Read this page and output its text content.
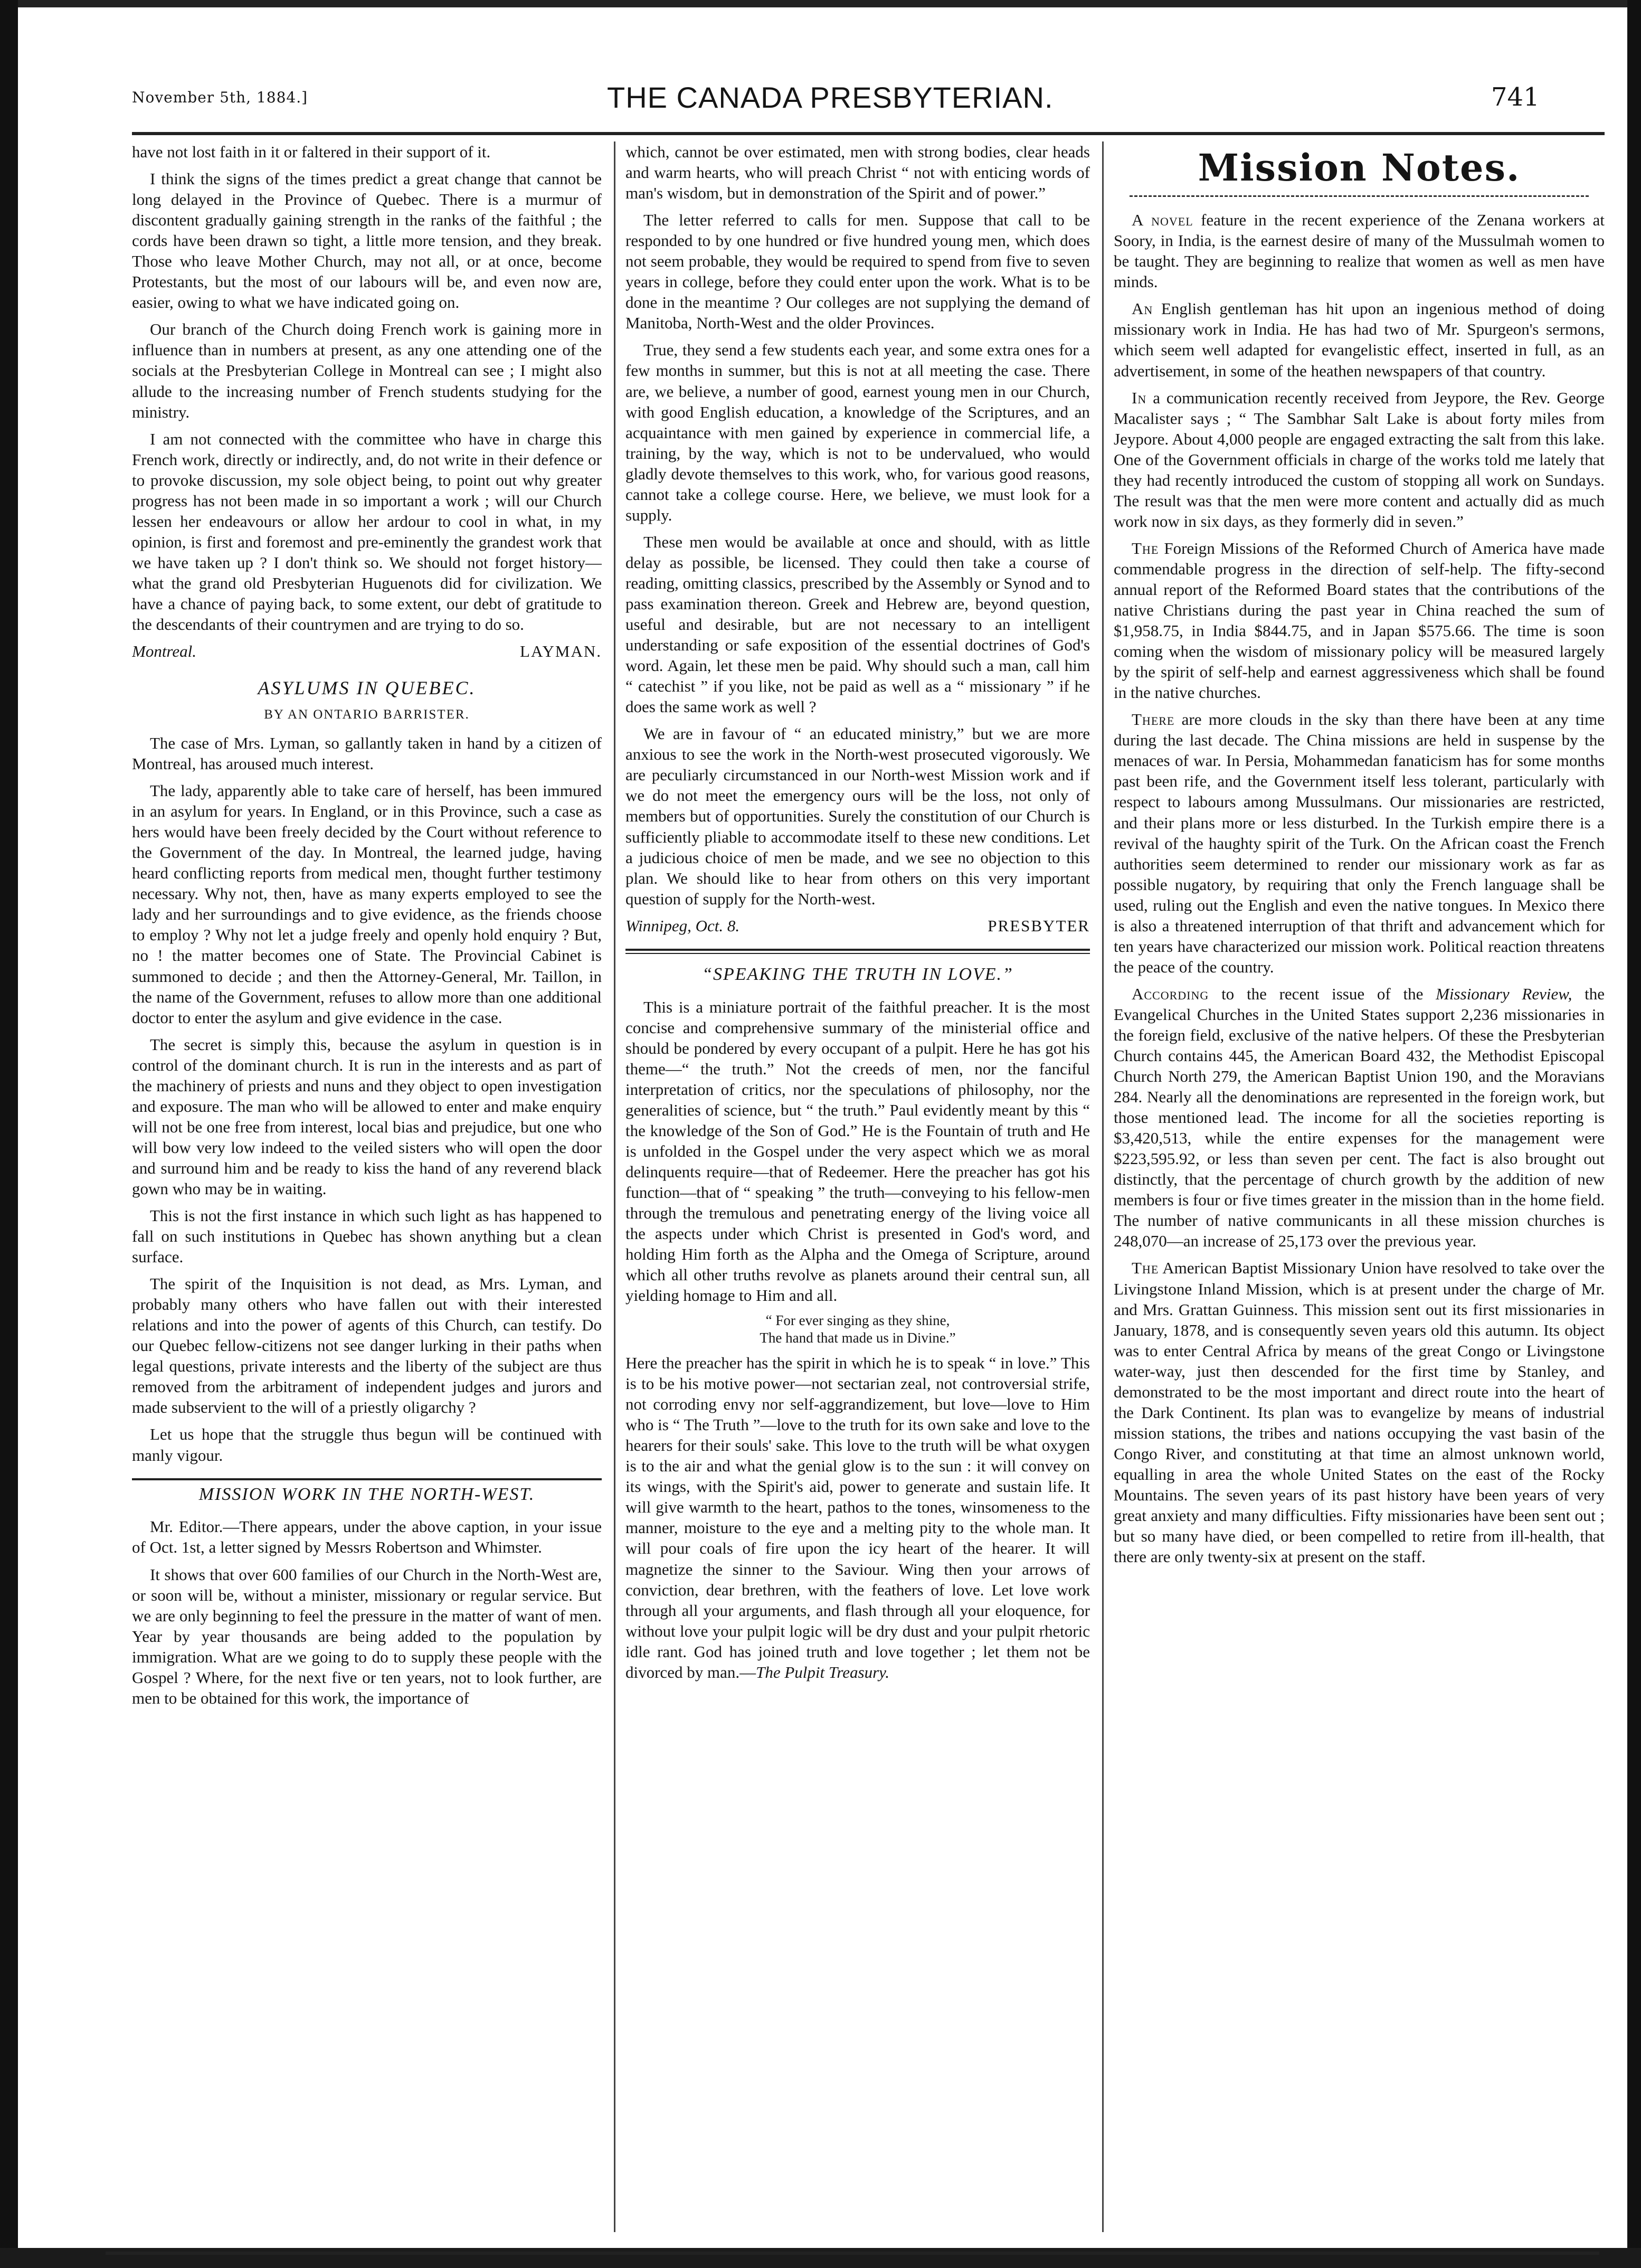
November 5th, 1884.]	THE CANADA PRESBYTERIAN.	741

have not lost faith in it or faltered in their support of it.

I think the signs of the times predict a great change that cannot be long delayed in the Province of Quebec. There is a murmur of discontent gradually gaining strength in the ranks of the faithful ; the cords have been drawn so tight, a little more tension, and they break. Those who leave Mother Church, may not all, or at once, become Protestants, but the most of our labours will be, and even now are, easier, owing to what we have indicated going on.

Our branch of the Church doing French work is gaining more in influence than in numbers at present, as any one attending one of the socials at the Presbyterian College in Montreal can see ; I might also allude to the increasing number of French students studying for the ministry.

I am not connected with the committee who have in charge this French work, directly or indirectly, and, do not write in their defence or to provoke discussion, my sole object being, to point out why greater progress has not been made in so important a work ; will our Church lessen her endeavours or allow her ardour to cool in what, in my opinion, is first and foremost and pre-eminently the grandest work that we have taken up ? I don't think so. We should not forget history—what the grand old Presbyterian Huguenots did for civilization. We have a chance of paying back, to some extent, our debt of gratitude to the descendants of their countrymen and are trying to do so.

Montreal.	LAYMAN.
ASYLUMS IN QUEBEC.
BY AN ONTARIO BARRISTER.

The case of Mrs. Lyman, so gallantly taken in hand by a citizen of Montreal, has aroused much interest.

The lady, apparently able to take care of herself, has been immured in an asylum for years. In England, or in this Province, such a case as hers would have been freely decided by the Court without reference to the Government of the day. In Montreal, the learned judge, having heard conflicting reports from medical men, thought further testimony necessary. Why not, then, have as many experts employed to see the lady and her surroundings and to give evidence, as the friends choose to employ ? Why not let a judge freely and openly hold enquiry ? But, no ! the matter becomes one of State. The Provincial Cabinet is summoned to decide ; and then the Attorney-General, Mr. Taillon, in the name of the Government, refuses to allow more than one additional doctor to enter the asylum and give evidence in the case.

The secret is simply this, because the asylum in question is in control of the dominant church. It is run in the interests and as part of the machinery of priests and nuns and they object to open investigation and exposure. The man who will be allowed to enter and make enquiry will not be one free from interest, local bias and prejudice, but one who will bow very low indeed to the veiled sisters who will open the door and surround him and be ready to kiss the hand of any reverend black gown who may be in waiting.

This is not the first instance in which such light as has happened to fall on such institutions in Quebec has shown anything but a clean surface.

The spirit of the Inquisition is not dead, as Mrs. Lyman, and probably many others who have fallen out with their interested relations and into the power of agents of this Church, can testify. Do our Quebec fellow-citizens not see danger lurking in their paths when legal questions, private interests and the liberty of the subject are thus removed from the arbitrament of independent judges and jurors and made subservient to the will of a priestly oligarchy ?

Let us hope that the struggle thus begun will be continued with manly vigour.

MISSION WORK IN THE NORTH-WEST.

Mr. Editor.—There appears, under the above caption, in your issue of Oct. 1st, a letter signed by Messrs Robertson and Whimster.

It shows that over 600 families of our Church in the North-West are, or soon will be, without a minister, missionary or regular service. But we are only beginning to feel the pressure in the matter of want of men. Year by year thousands are being added to the population by immigration. What are we going to do to supply these people with the Gospel ? Where, for the next five or ten years, not to look further, are men to be obtained for this work, the importance of

which, cannot be over estimated, men with strong bodies, clear heads and warm hearts, who will preach Christ “ not with enticing words of man's wisdom, but in demonstration of the Spirit and of power.”

The letter referred to calls for men. Suppose that call to be responded to by one hundred or five hundred young men, which does not seem probable, they would be required to spend from five to seven years in college, before they could enter upon the work. What is to be done in the meantime ? Our colleges are not supplying the demand of Manitoba, North-West and the older Provinces.

True, they send a few students each year, and some extra ones for a few months in summer, but this is not at all meeting the case. There are, we believe, a number of good, earnest young men in our Church, with good English education, a knowledge of the Scriptures, and an acquaintance with men gained by experience in commercial life, a training, by the way, which is not to be undervalued, who would gladly devote themselves to this work, who, for various good reasons, cannot take a college course. Here, we believe, we must look for a supply.

These men would be available at once and should, with as little delay as possible, be licensed. They could then take a course of reading, omitting classics, prescribed by the Assembly or Synod and to pass examination thereon. Greek and Hebrew are, beyond question, useful and desirable, but are not necessary to an intelligent understanding or safe exposition of the essential doctrines of God's word. Again, let these men be paid. Why should such a man, call him “ catechist ” if you like, not be paid as well as a “ missionary ” if he does the same work as well ?

We are in favour of “ an educated ministry,” but we are more anxious to see the work in the North-west prosecuted vigorously. We are peculiarly circumstanced in our North-west Mission work and if we do not meet the emergency ours will be the loss, not only of members but of opportunities. Surely the constitution of our Church is sufficiently pliable to accommodate itself to these new conditions. Let a judicious choice of men be made, and we see no objection to this plan. We should like to hear from others on this very important question of supply for the North-west.

Winnipeg, Oct. 8.	PRESBYTER
“SPEAKING THE TRUTH IN LOVE.”

This is a miniature portrait of the faithful preacher. It is the most concise and comprehensive summary of the ministerial office and should be pondered by every occupant of a pulpit. Here he has got his theme—“ the truth.” Not the creeds of men, nor the fanciful interpretation of critics, nor the speculations of philosophy, nor the generalities of science, but “ the truth.” Paul evidently meant by this “ the knowledge of the Son of God.” He is the Fountain of truth and He is unfolded in the Gospel under the very aspect which we as moral delinquents require—that of Redeemer. Here the preacher has got his function—that of “ speaking ” the truth—conveying to his fellow-men through the tremulous and penetrating energy of the living voice all the aspects under which Christ is presented in God's word, and holding Him forth as the Alpha and the Omega of Scripture, around which all other truths revolve as planets around their central sun, all yielding homage to Him and all.

“ For ever singing as they shine,
The hand that made us in Divine.”

Here the preacher has the spirit in which he is to speak “ in love.” This is to be his motive power—not sectarian zeal, not controversial strife, not corroding envy nor self-aggrandizement, but love—love to Him who is “ The Truth ”—love to the truth for its own sake and love to the hearers for their souls' sake. This love to the truth will be what oxygen is to the air and what the genial glow is to the sun : it will convey on its wings, with the Spirit's aid, power to generate and sustain life. It will give warmth to the heart, pathos to the tones, winsomeness to the manner, moisture to the eye and a melting pity to the whole man. It will pour coals of fire upon the icy heart of the hearer. It will magnetize the sinner to the Saviour. Wing then your arrows of conviction, dear brethren, with the feathers of love. Let love work through all your arguments, and flash through all your eloquence, for without love your pulpit logic will be dry dust and your pulpit rhetoric idle rant. God has joined truth and love together ; let them not be divorced by man.—The Pulpit Treasury.

Mission Notes.

A novel feature in the recent experience of the Zenana workers at Soory, in India, is the earnest desire of many of the Mussulmah women to be taught. They are beginning to realize that women as well as men have minds.

An English gentleman has hit upon an ingenious method of doing missionary work in India. He has had two of Mr. Spurgeon's sermons, which seem well adapted for evangelistic effect, inserted in full, as an advertisement, in some of the heathen newspapers of that country.

In a communication recently received from Jeypore, the Rev. George Macalister says ; “ The Sambhar Salt Lake is about forty miles from Jeypore. About 4,000 people are engaged extracting the salt from this lake. One of the Government officials in charge of the works told me lately that they had recently introduced the custom of stopping all work on Sundays. The result was that the men were more content and actually did as much work now in six days, as they formerly did in seven.”

The Foreign Missions of the Reformed Church of America have made commendable progress in the direction of self-help. The fifty-second annual report of the Reformed Board states that the contributions of the native Christians during the past year in China reached the sum of $1,958.75, in India $844.75, and in Japan $575.66. The time is soon coming when the wisdom of missionary policy will be measured largely by the spirit of self-help and earnest aggressiveness which shall be found in the native churches.

There are more clouds in the sky than there have been at any time during the last decade. The China missions are held in suspense by the menaces of war. In Persia, Mohammedan fanaticism has for some months past been rife, and the Government itself less tolerant, particularly with respect to labours among Mussulmans. Our missionaries are restricted, and their plans more or less disturbed. In the Turkish empire there is a revival of the haughty spirit of the Turk. On the African coast the French authorities seem determined to render our missionary work as far as possible nugatory, by requiring that only the French language shall be used, ruling out the English and even the native tongues. In Mexico there is also a threatened interruption of that thrift and advancement which for ten years have characterized our mission work. Political reaction threatens the peace of the country.

According to the recent issue of the Missionary Review, the Evangelical Churches in the United States support 2,236 missionaries in the foreign field, exclusive of the native helpers. Of these the Presbyterian Church contains 445, the American Board 432, the Methodist Episcopal Church North 279, the American Baptist Union 190, and the Moravians 284. Nearly all the denominations are represented in the foreign work, but those mentioned lead. The income for all the societies reporting is $3,420,513, while the entire expenses for the management were $223,595.92, or less than seven per cent. The fact is also brought out distinctly, that the percentage of church growth by the addition of new members is four or five times greater in the mission than in the home field. The number of native communicants in all these mission churches is 248,070—an increase of 25,173 over the previous year.

The American Baptist Missionary Union have resolved to take over the Livingstone Inland Mission, which is at present under the charge of Mr. and Mrs. Grattan Guinness. This mission sent out its first missionaries in January, 1878, and is consequently seven years old this autumn. Its object was to enter Central Africa by means of the great Congo or Livingstone water-way, just then descended for the first time by Stanley, and demonstrated to be the most important and direct route into the heart of the Dark Continent. Its plan was to evangelize by means of industrial mission stations, the tribes and nations occupying the vast basin of the Congo River, and constituting at that time an almost unknown world, equalling in area the whole United States on the east of the Rocky Mountains. The seven years of its past history have been years of very great anxiety and many difficulties. Fifty missionaries have been sent out ; but so many have died, or been compelled to retire from ill-health, that there are only twenty-six at present on the staff.
